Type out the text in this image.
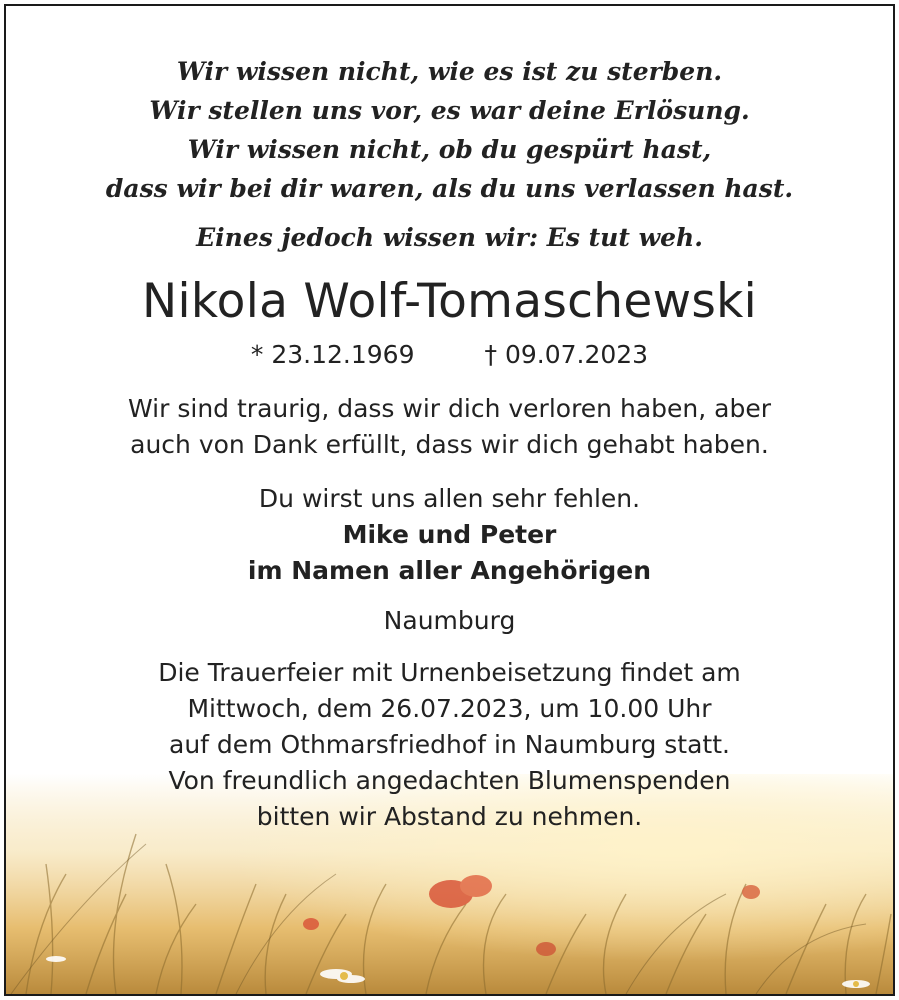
Wir wissen nicht, wie es ist zu sterben.
Wir stellen uns vor, es war deine Erlösung.
Wir wissen nicht, ob du gespürt hast,
dass wir bei dir waren, als du uns verlassen hast.
Eines jedoch wissen wir: Es tut weh.
Nikola Wolf-Tomaschewski
* 23.12.1969	† 09.07.2023
Wir sind traurig, dass wir dich verloren haben, aber
auch von Dank erfüllt, dass wir dich gehabt haben.
Du wirst uns allen sehr fehlen.
Mike und Peter
im Namen aller Angehörigen
Naumburg
Die Trauerfeier mit Urnenbeisetzung findet am
Mittwoch, dem 26.07.2023, um 10.00 Uhr
auf dem Othmarsfriedhof in Naumburg statt.
Von freundlich angedachten Blumenspenden
bitten wir Abstand zu nehmen.
